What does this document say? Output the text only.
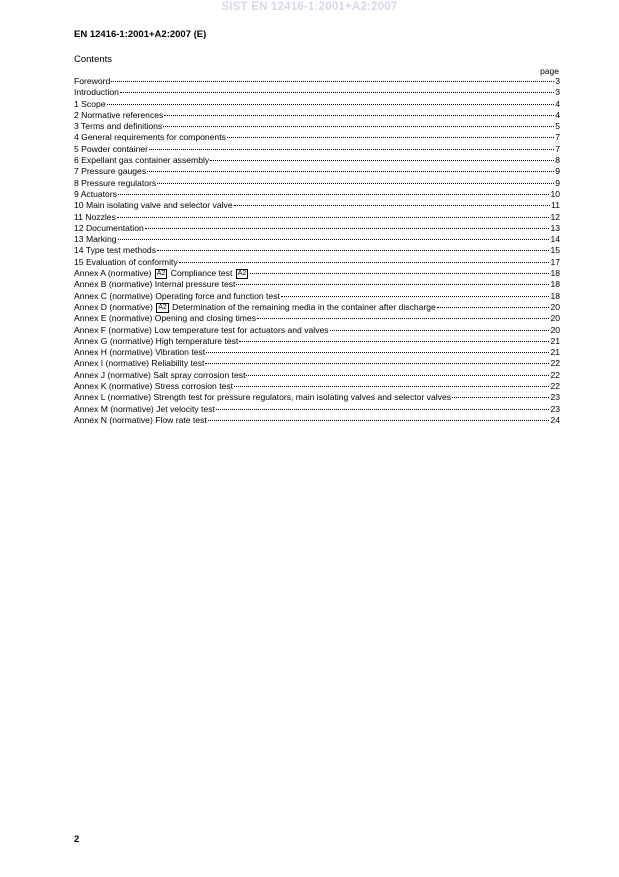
SIST EN 12416-1:2001+A2:2007
EN 12416-1:2001+A2:2007 (E)
Contents
page
Foreword	3
Introduction	3
1 Scope	4
2 Normative references	4
3 Terms and definitions	5
4 General requirements for components	7
5 Powder container	7
6 Expellant gas container assembly	8
7 Pressure gauges	9
8 Pressure regulators	9
9 Actuators	10
10 Main isolating valve and selector valve	11
11 Nozzles	12
12 Documentation	13
13 Marking	14
14 Type test methods	15
15 Evaluation of conformity	17
Annex A (normative) A2 Compliance test A2	18
Annex B (normative) Internal pressure test	18
Annex C (normative) Operating force and function test	18
Annex D (normative) A2 Determination of the remaining media in the container after discharge	20
Annex E (normative) Opening and closing times	20
Annex F (normative) Low temperature test for actuators and valves	20
Annex G (normative) High temperature test	21
Annex H (normative) Vibration test	21
Annex I (normative) Reliability test	22
Annex J (normative) Salt spray corrosion test	22
Annex K (normative) Stress corrosion test	22
Annex L (normative) Strength test for pressure regulators, main isolating valves and selector valves	23
Annex M (normative) Jet velocity test	23
Annex N (normative) Flow rate test	24
2
